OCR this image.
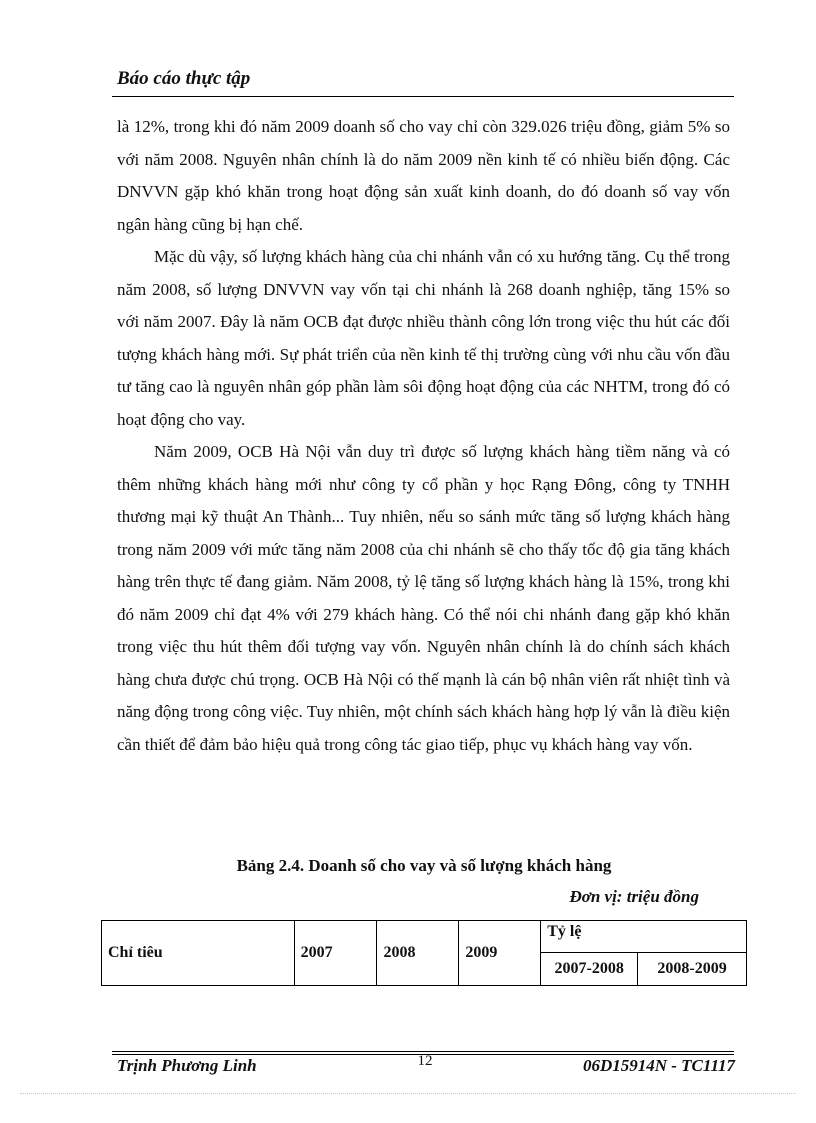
Báo cáo thực tập

là 12%, trong khi đó năm 2009 doanh số cho vay chỉ còn 329.026 triệu đồng, giảm 5% so với năm 2008. Nguyên nhân chính là do năm 2009 nền kinh tế có nhiều biến động. Các DNVVN gặp khó khăn trong hoạt động sản xuất kinh doanh, do đó doanh số vay vốn ngân hàng cũng bị hạn chế.

Mặc dù vậy, số lượng khách hàng của chi nhánh vẫn có xu hướng tăng. Cụ thể trong năm 2008, số lượng DNVVN vay vốn tại chi nhánh là 268 doanh nghiệp, tăng 15% so với năm 2007. Đây là năm OCB đạt được nhiều thành công lớn trong việc thu hút các đối tượng khách hàng mới. Sự phát triển của nền kinh tế thị trường cùng với nhu cầu vốn đầu tư tăng cao là nguyên nhân góp phần làm sôi động hoạt động của các NHTM, trong đó có hoạt động cho vay.

Năm 2009, OCB Hà Nội vẫn duy trì được số lượng khách hàng tiềm năng và có thêm những khách hàng mới như công ty cổ phần y học Rạng Đông, công ty TNHH thương mại kỹ thuật An Thành... Tuy nhiên, nếu so sánh mức tăng số lượng khách hàng trong năm 2009 với mức tăng năm 2008 của chi nhánh sẽ cho thấy tốc độ gia tăng khách hàng trên thực tế đang giảm. Năm 2008, tỷ lệ tăng số lượng khách hàng là 15%, trong khi đó năm 2009 chỉ đạt 4% với 279 khách hàng. Có thể nói chi nhánh đang gặp khó khăn trong việc thu hút thêm đối tượng vay vốn. Nguyên nhân chính là do chính sách khách hàng chưa được chú trọng. OCB Hà Nội có thế mạnh là cán bộ nhân viên rất nhiệt tình và năng động trong công việc. Tuy nhiên, một chính sách khách hàng hợp lý vẫn là điều kiện cần thiết để đảm bảo hiệu quả trong công tác giao tiếp, phục vụ khách hàng vay vốn.

Bảng 2.4. Doanh số cho vay và số lượng khách hàng
Đơn vị: triệu đồng
Chỉ tiêu	2007	2008	2009	Tỷ lệ	
				2007-2008	2008-2009
Trịnh Phương Linh	12	06D15914N - TC1117
